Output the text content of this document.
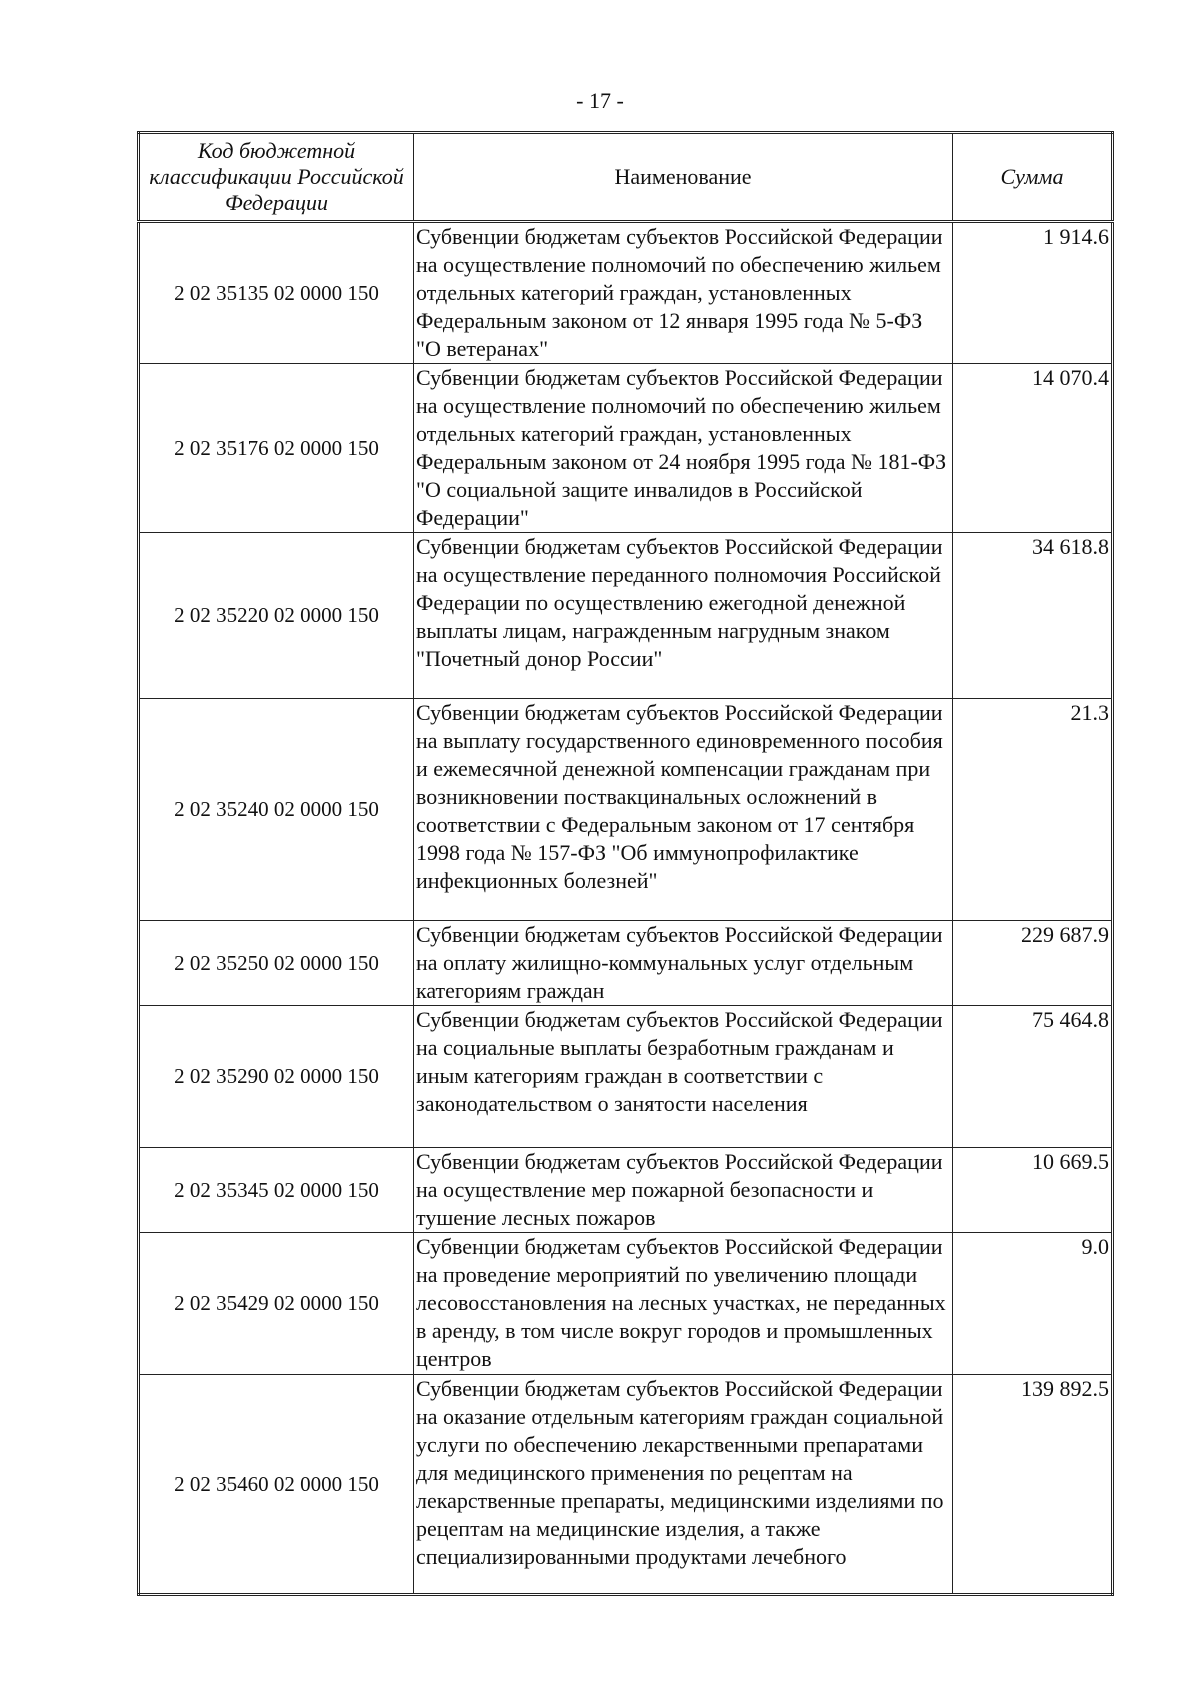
- 17 -
Код бюджетной классификации Российской Федерации	Наименование	Сумма
2 02 35135 02 0000 150	Субвенции бюджетам субъектов Российской Федерации на осуществление полномочий по обеспечению жильем отдельных категорий граждан, установленных Федеральным законом от 12 января 1995 года № 5-ФЗ "О ветеранах"	1 914.6
2 02 35176 02 0000 150	Субвенции бюджетам субъектов Российской Федерации на осуществление полномочий по обеспечению жильем отдельных категорий граждан, установленных Федеральным законом от 24 ноября 1995 года № 181-ФЗ "О социальной защите инвалидов в Российской Федерации"	14 070.4
2 02 35220 02 0000 150	Субвенции бюджетам субъектов Российской Федерации на осуществление переданного полномочия Российской Федерации по осуществлению ежегодной денежной выплаты лицам, награжденным нагрудным знаком "Почетный донор России"	34 618.8
2 02 35240 02 0000 150	Субвенции бюджетам субъектов Российской Федерации на выплату государственного единовременного пособия и ежемесячной денежной компенсации гражданам при возникновении поствакцинальных осложнений в соответствии с Федеральным законом от 17 сентября 1998 года № 157-ФЗ "Об иммунопрофилактике инфекционных болезней"	21.3
2 02 35250 02 0000 150	Субвенции бюджетам субъектов Российской Федерации на оплату жилищно-коммунальных услуг отдельным категориям граждан	229 687.9
2 02 35290 02 0000 150	Субвенции бюджетам субъектов Российской Федерации на социальные выплаты безработным гражданам и иным категориям граждан в соответствии с законодательством о занятости населения	75 464.8
2 02 35345 02 0000 150	Субвенции бюджетам субъектов Российской Федерации на осуществление мер пожарной безопасности и тушение лесных пожаров	10 669.5
2 02 35429 02 0000 150	Субвенции бюджетам субъектов Российской Федерации на проведение мероприятий по увеличению площади лесовосстановления на лесных участках, не переданных в аренду, в том числе вокруг городов и промышленных центров	9.0
2 02 35460 02 0000 150	Субвенции бюджетам субъектов Российской Федерации на оказание отдельным категориям граждан социальной услуги по обеспечению лекарственными препаратами для медицинского применения по рецептам на лекарственные препараты, медицинскими изделиями по рецептам на медицинские изделия, а также специализированными продуктами лечебного	139 892.5
